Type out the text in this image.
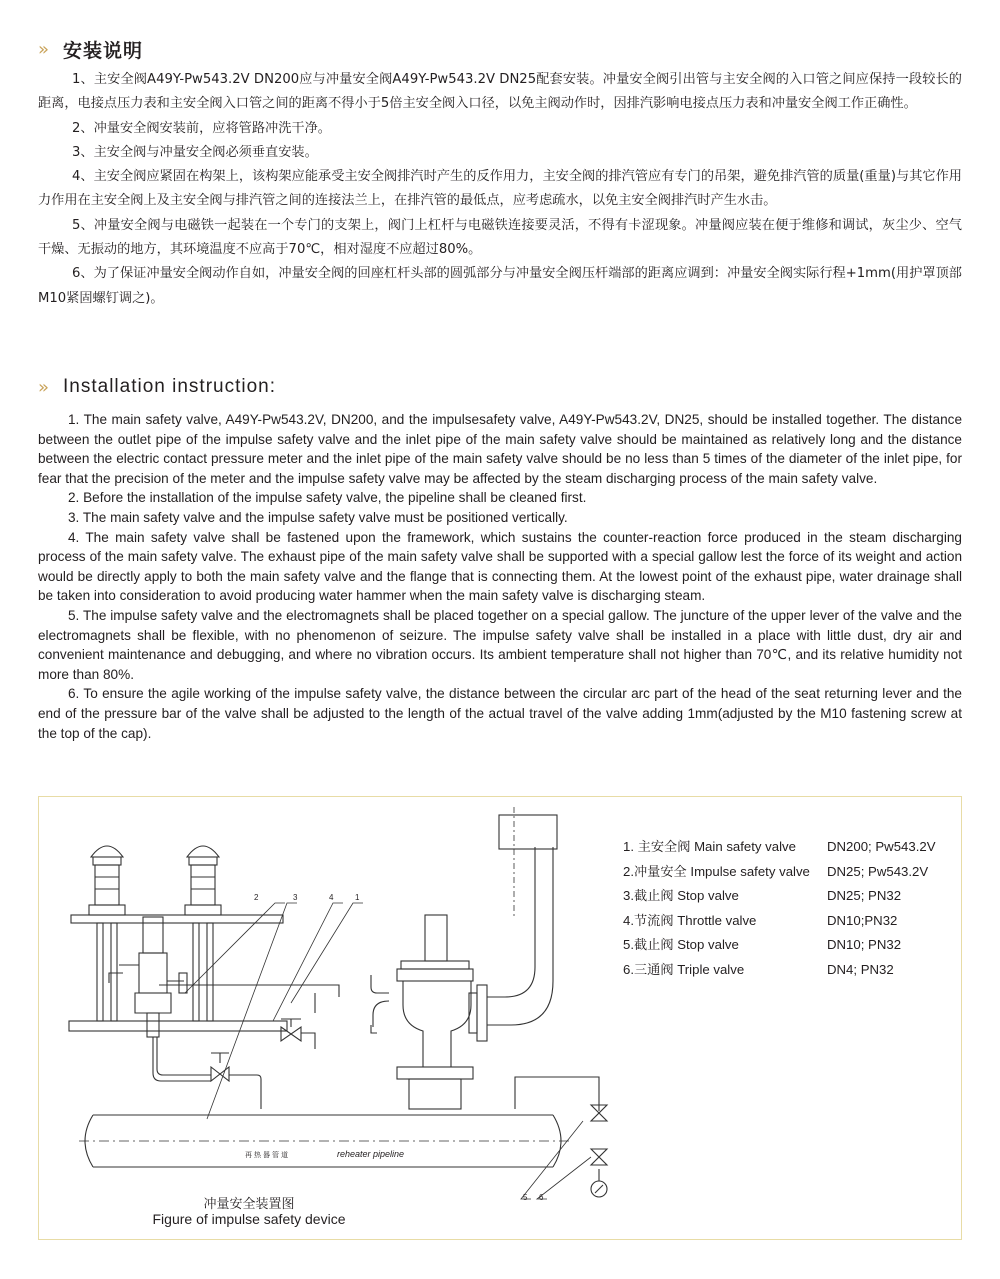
» 安装说明

1、主安全阀A49Y-Pw543.2V DN200应与冲量安全阀A49Y-Pw543.2V DN25配套安装。冲量安全阀引出管与主安全阀的入口管之间应保持一段较长的距离，电接点压力表和主安全阀入口管之间的距离不得小于5倍主安全阀入口径，以免主阀动作时，因排汽影响电接点压力表和冲量安全阀工作正确性。

2、冲量安全阀安装前，应将管路冲洗干净。

3、主安全阀与冲量安全阀必须垂直安装。

4、主安全阀应紧固在构架上，该构架应能承受主安全阀排汽时产生的反作用力，主安全阀的排汽管应有专门的吊架，避免排汽管的质量(重量)与其它作用力作用在主安全阀上及主安全阀与排汽管之间的连接法兰上，在排汽管的最低点，应考虑疏水，以免主安全阀排汽时产生水击。

5、冲量安全阀与电磁铁一起装在一个专门的支架上，阀门上杠杆与电磁铁连接要灵活，不得有卡涩现象。冲量阀应装在便于维修和调试，灰尘少、空气干燥、无振动的地方，其环境温度不应高于70℃，相对湿度不应超过80%。

6、为了保证冲量安全阀动作自如，冲量安全阀的回座杠杆头部的圆弧部分与冲量安全阀压杆端部的距离应调到：冲量安全阀实际行程+1mm(用护罩顶部M10紧固螺钉调之)。

» Installation instruction:

1. The main safety valve, A49Y-Pw543.2V, DN200, and the impulsesafety valve, A49Y-Pw543.2V, DN25, should be installed together. The distance between the outlet pipe of the impulse safety valve and the inlet pipe of the main safety valve should be maintained as relatively long and the distance between the electric contact pressure meter and the inlet pipe of the main safety valve should be no less than 5 times of the diameter of the inlet pipe, for fear that the precision of the meter and the impulse safety valve may be affected by the steam discharging process of the main safety valve.

2. Before the installation of the impulse safety valve, the pipeline shall be cleaned first.

3. The main safety valve and the impulse safety valve must be positioned vertically.

4. The main safety valve shall be fastened upon the framework, which sustains the counter-reaction force produced in the steam discharging process of the main safety valve. The exhaust pipe of the main safety valve shall be supported with a special gallow lest the force of its weight and action would be directly apply to both the main safety valve and the flange that is connecting them. At the lowest point of the exhaust pipe, water drainage shall be taken into consideration to avoid producing water hammer when the main safety valve is discharging steam.

5. The impulse safety valve and the electromagnets shall be placed together on a special gallow. The juncture of the upper lever of the valve and the electromagnets shall be flexible, with no phenomenon of seizure. The impulse safety valve shall be installed in a place with little dust, dry air and convenient maintenance and debugging, and where no vibration occurs. Its ambient temperature shall not higher than 70℃, and its relative humidity not more than 80%.

6. To ensure the agile working of the impulse safety valve, the distance between the circular arc part of the head of the seat returning lever and the end of the pressure bar of the valve shall be adjusted to the length of the actual travel of the valve adding 1mm(adjusted by the M10 fastening screw at the top of the cap).

1
2	3	4
5 6
再热器管道	reheater pipeline
1. 主安全阀 Main safety valve DN200; Pw543.2V
2.冲量安全 Impulse safety valve DN25; Pw543.2V
3.截止阀 Stop valve	DN25; PN32
4.节流阀 Throttle valve	DN10;PN32
5.截止阀 Stop valve	DN10; PN32
6.三通阀 Triple valve	DN4; PN32
冲量安全装置图
Figure of impulse safety device
